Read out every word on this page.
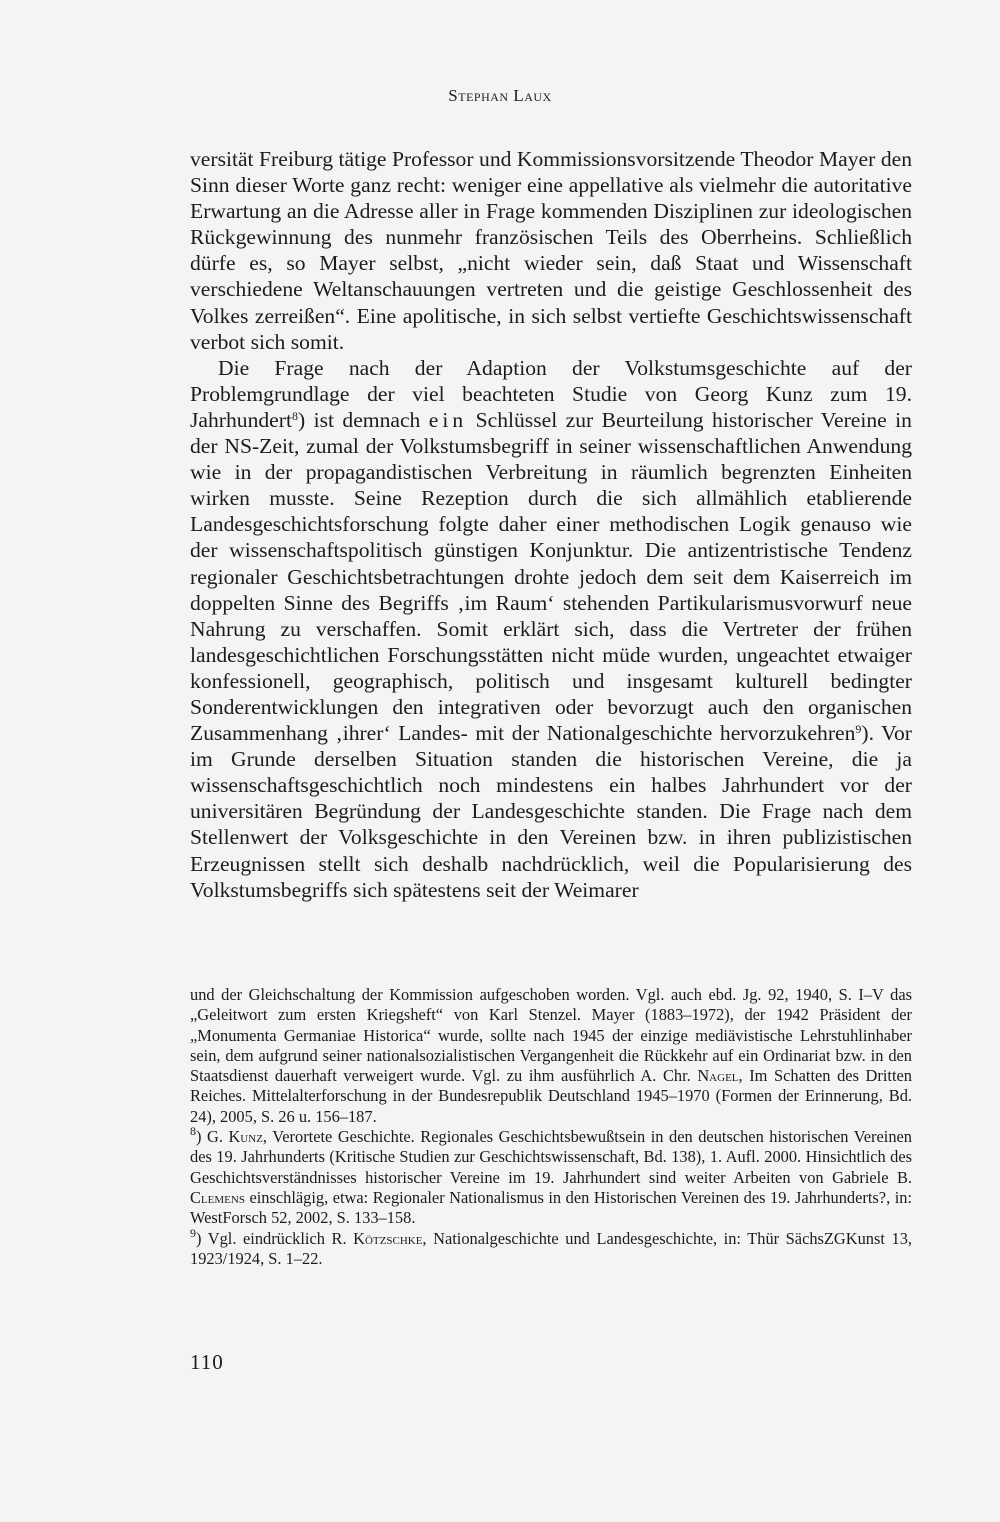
Stephan Laux

versität Freiburg tätige Professor und Kommissionsvorsitzende Theodor Mayer den Sinn dieser Worte ganz recht: weniger eine appellative als vielmehr die autoritative Erwartung an die Adresse aller in Frage kommenden Disziplinen zur ideologischen Rückgewinnung des nunmehr französischen Teils des Oberrheins. Schließlich dürfe es, so Mayer selbst, „nicht wieder sein, daß Staat und Wissenschaft verschiedene Weltanschauungen vertreten und die geistige Geschlossenheit des Volkes zerreißen“. Eine apolitische, in sich selbst vertiefte Geschichtswissenschaft verbot sich somit.

Die Frage nach der Adaption der Volkstumsgeschichte auf der Problemgrundlage der viel beachteten Studie von Georg Kunz zum 19. Jahrhundert$^8$) ist demnach ein Schlüssel zur Beurteilung historischer Vereine in der NS-Zeit, zumal der Volkstumsbegriff in seiner wissenschaftlichen Anwendung wie in der propagandistischen Verbreitung in räumlich begrenzten Einheiten wirken musste. Seine Rezeption durch die sich allmählich etablierende Landesgeschichtsforschung folgte daher einer methodischen Logik genauso wie der wissenschaftspolitisch günstigen Konjunktur. Die antizentristische Tendenz regionaler Geschichtsbetrachtungen drohte jedoch dem seit dem Kaiserreich im doppelten Sinne des Begriffs ‚im Raum‘ stehenden Partikularismusvorwurf neue Nahrung zu verschaffen. Somit erklärt sich, dass die Vertreter der frühen landesgeschichtlichen Forschungsstätten nicht müde wurden, ungeachtet etwaiger konfessionell, geographisch, politisch und insgesamt kulturell bedingter Sonderentwicklungen den integrativen oder bevorzugt auch den organischen Zusammenhang ‚ihrer‘ Landes- mit der Nationalgeschichte hervorzukehren$^9$). Vor im Grunde derselben Situation standen die historischen Vereine, die ja wissenschaftsgeschichtlich noch mindestens ein halbes Jahrhundert vor der universitären Begründung der Landesgeschichte standen. Die Frage nach dem Stellenwert der Volksgeschichte in den Vereinen bzw. in ihren publizistischen Erzeugnissen stellt sich deshalb nachdrücklich, weil die Popularisierung des Volkstumsbegriffs sich spätestens seit der Weimarer

und der Gleichschaltung der Kommission aufgeschoben worden. Vgl. auch ebd. Jg. 92, 1940, S. I–V das „Geleitwort zum ersten Kriegsheft“ von Karl Stenzel. Mayer (1883–1972), der 1942 Präsident der „Monumenta Germaniae Historica“ wurde, sollte nach 1945 der einzige mediävistische Lehrstuhlinhaber sein, dem aufgrund seiner nationalsozialistischen Vergangenheit die Rückkehr auf ein Ordinariat bzw. in den Staatsdienst dauerhaft verweigert wurde. Vgl. zu ihm ausführlich A. Chr. Nagel, Im Schatten des Dritten Reiches. Mittelalterforschung in der Bundesrepublik Deutschland 1945–1970 (Formen der Erinnerung, Bd. 24), 2005, S. 26 u. 156–187.

$^8$) G. Kunz, Verortete Geschichte. Regionales Geschichtsbewußtsein in den deutschen historischen Vereinen des 19. Jahrhunderts (Kritische Studien zur Geschichtswissenschaft, Bd. 138), 1. Aufl. 2000. Hinsichtlich des Geschichtsverständnisses historischer Vereine im 19. Jahrhundert sind weiter Arbeiten von Gabriele B. Clemens einschlägig, etwa: Regionaler Nationalismus in den Historischen Vereinen des 19. Jahrhunderts?, in: WestForsch 52, 2002, S. 133–158.

$^9$) Vgl. eindrücklich R. Kötzschke, Nationalgeschichte und Landesgeschichte, in: Thür SächsZGKunst 13, 1923/1924, S. 1–22.

110
